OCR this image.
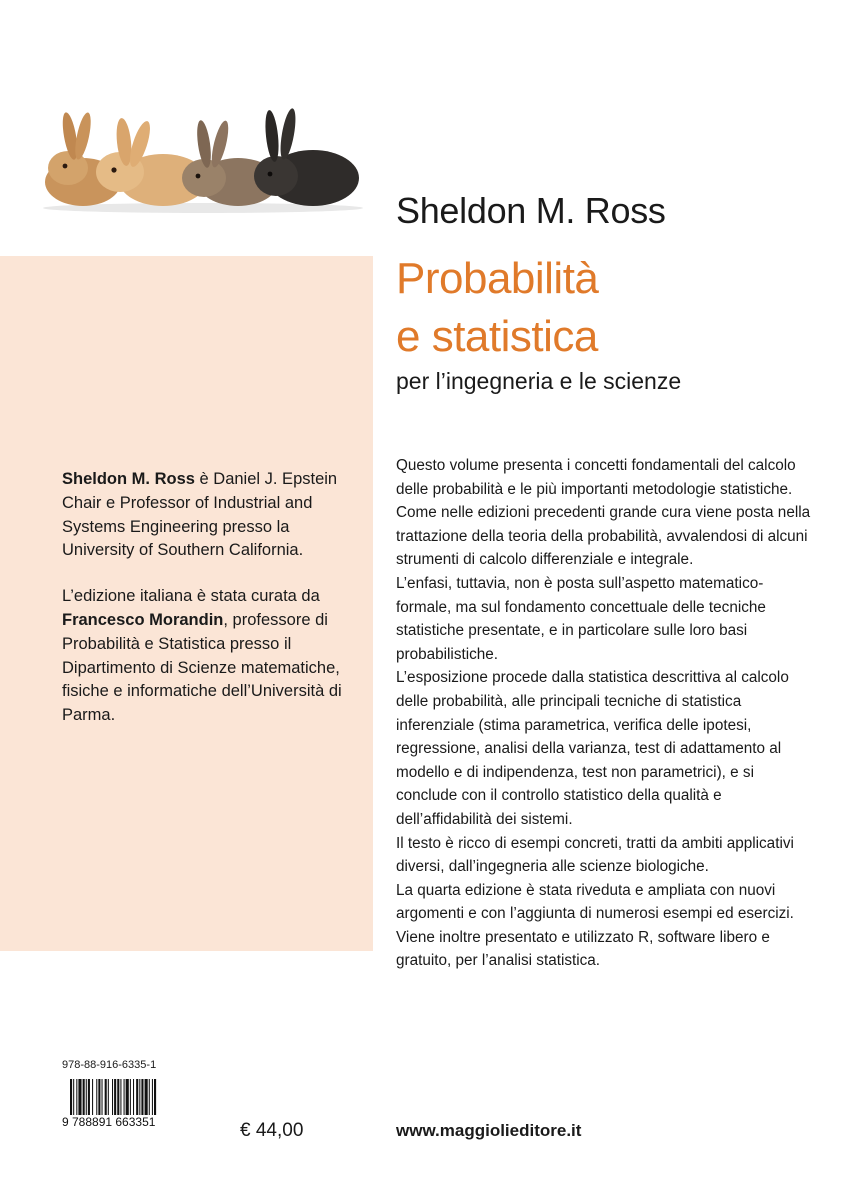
Sheldon M. Ross
Probabilità
e statistica
per l’ingegneria e le scienze

Sheldon M. Ross è Daniel J. Epstein Chair e Professor of Industrial and Systems Engineering presso la University of Southern California.

L’edizione italiana è stata curata da Francesco Morandin, professore di Probabilità e Statistica presso il Dipartimento di Scienze matematiche, fisiche e informatiche dell’Università di Parma.

Questo volume presenta i concetti fondamentali del calcolo delle probabilità e le più importanti metodologie statistiche.

Come nelle edizioni precedenti grande cura viene posta nella trattazione della teoria della probabilità, avvalendosi di alcuni strumenti di calcolo differenziale e integrale.

L’enfasi, tuttavia, non è posta sull’aspetto matematico-formale, ma sul fondamento concettuale delle tecniche statistiche presentate, e in particolare sulle loro basi probabilistiche.

L’esposizione procede dalla statistica descrittiva al calcolo delle probabilità, alle principali tecniche di statistica inferenziale (stima parametrica, verifica delle ipotesi, regressione, analisi della varianza, test di adattamento al modello e di indipendenza, test non parametrici), e si conclude con il controllo statistico della qualità e dell’affidabilità dei sistemi.

Il testo è ricco di esempi concreti, tratti da ambiti applicativi diversi, dall’ingegneria alle scienze biologiche.

La quarta edizione è stata riveduta e ampliata con nuovi argomenti e con l’aggiunta di numerosi esempi ed esercizi.

Viene inoltre presentato e utilizzato R, software libero e gratuito, per l’analisi statistica.

978-88-916-6335-1
9 788891 663351	€ 44,00	www.maggiolieditore.it
